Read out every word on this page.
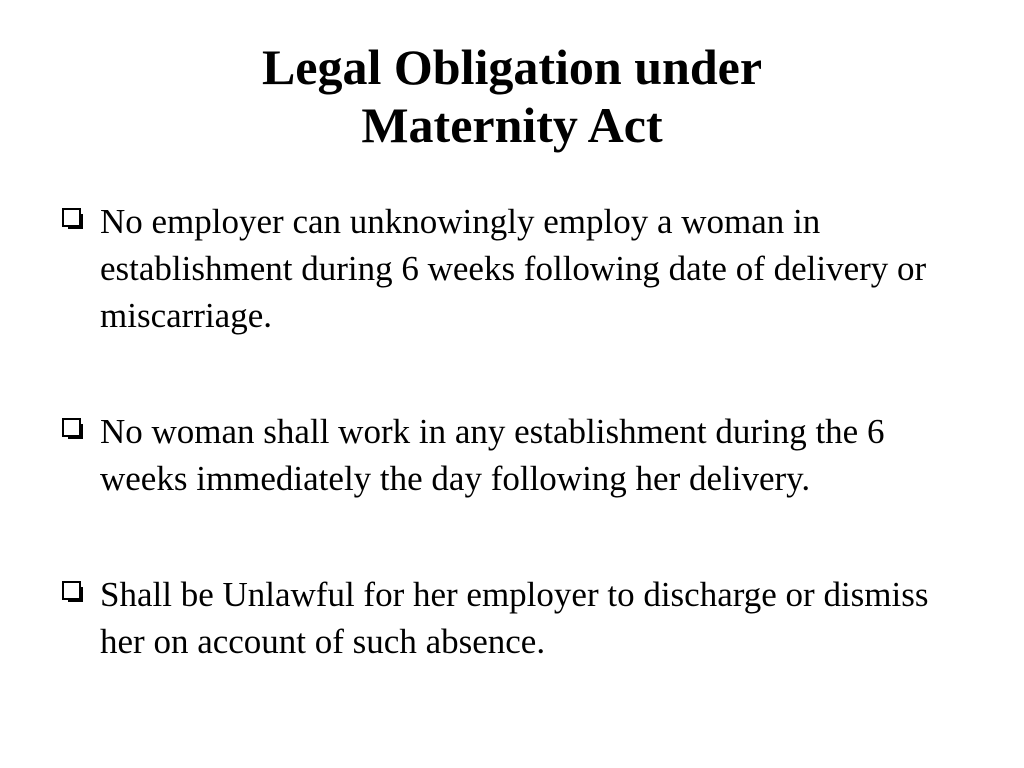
Legal Obligation under
Maternity Act
No employer can unknowingly employ a woman in establishment during 6 weeks following date of delivery or miscarriage.
No woman shall work in any establishment during the 6 weeks immediately the day following her delivery.
Shall be Unlawful for her employer to discharge or dismiss her on account of such absence.
